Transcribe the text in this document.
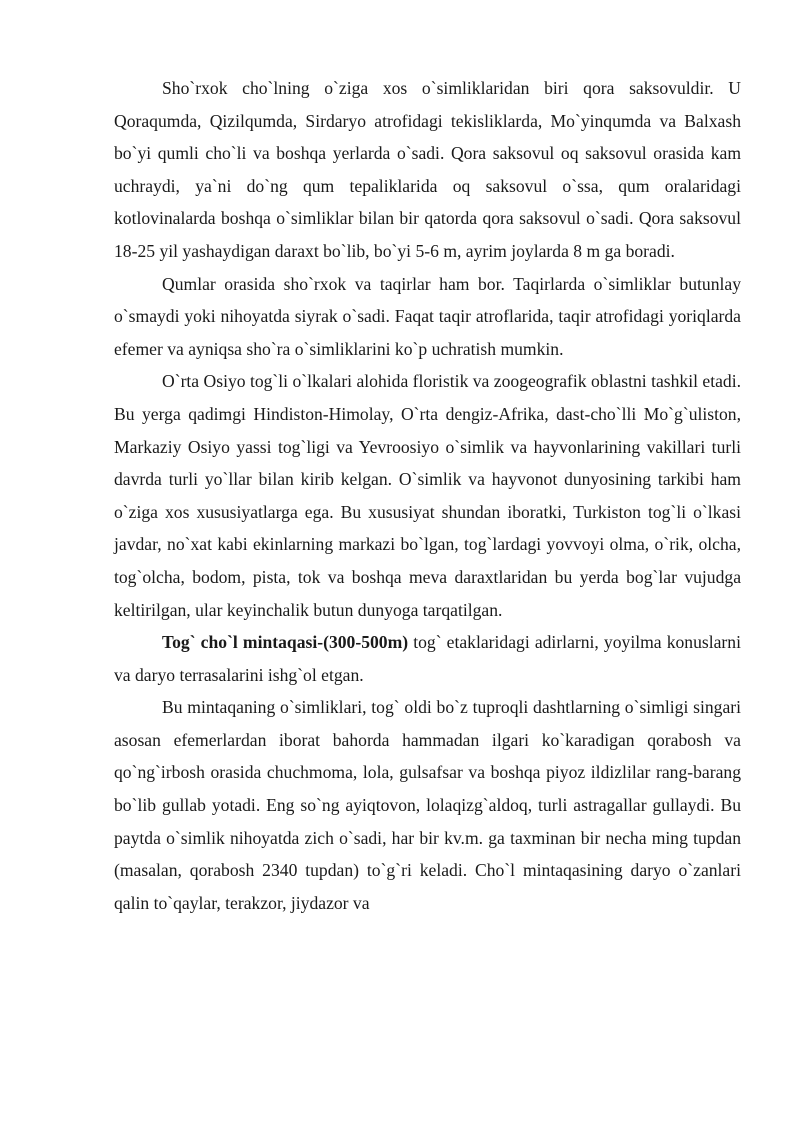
Sho`rxok cho`lning o`ziga xos o`simliklaridan biri qora saksovuldir. U Qoraqumda, Qizilqumda, Sirdaryo atrofidagi tekisliklarda, Mo`yinqumda va Balxash bo`yi qumli cho`li va boshqa yerlarda o`sadi. Qora saksovul oq saksovul orasida kam uchraydi, ya`ni do`ng qum tepaliklarida oq saksovul o`ssa, qum oralaridagi kotlovinalarda boshqa o`simliklar bilan bir qatorda qora saksovul o`sadi. Qora saksovul 18-25 yil yashaydigan daraxt bo`lib, bo`yi 5-6 m, ayrim joylarda 8 m ga boradi.

Qumlar orasida sho`rxok va taqirlar ham bor. Taqirlarda o`simliklar butunlay o`smaydi yoki nihoyatda siyrak o`sadi. Faqat taqir atroflarida, taqir atrofidagi yoriqlarda efemer va ayniqsa sho`ra o`simliklarini ko`p uchratish mumkin.

O`rta Osiyo tog`li o`lkalari alohida floristik va zoogeografik oblastni tashkil etadi. Bu yerga qadimgi Hindiston-Himolay, O`rta dengiz-Afrika, dast-cho`lli Mo`g`uliston, Markaziy Osiyo yassi tog`ligi va Yevroosiyo o`simlik va hayvonlarining vakillari turli davrda turli yo`llar bilan kirib kelgan. O`simlik va hayvonot dunyosining tarkibi ham o`ziga xos xususiyatlarga ega. Bu xususiyat shundan iboratki, Turkiston tog`li o`lkasi javdar, no`xat kabi ekinlarning markazi bo`lgan, tog`lardagi yovvoyi olma, o`rik, olcha, tog`olcha, bodom, pista, tok va boshqa meva daraxtlaridan bu yerda bog`lar vujudga keltirilgan, ular keyinchalik butun dunyoga tarqatilgan.

Tog` cho`l mintaqasi-(300-500m) tog` etaklaridagi adirlarni, yoyilma konuslarni va daryo terrasalarini ishg`ol etgan.

Bu mintaqaning o`simliklari, tog` oldi bo`z tuproqli dashtlarning o`simligi singari asosan efemerlardan iborat bahorda hammadan ilgari ko`karadigan qorabosh va qo`ng`irbosh orasida chuchmoma, lola, gulsafsar va boshqa piyoz ildizlilar rang-barang bo`lib gullab yotadi. Eng so`ng ayiqtovon, lolaqizg`aldoq, turli astragallar gullaydi. Bu paytda o`simlik nihoyatda zich o`sadi, har bir kv.m. ga taxminan bir necha ming tupdan (masalan, qorabosh 2340 tupdan) to`g`ri keladi. Cho`l mintaqasining daryo o`zanlari qalin to`qaylar, terakzor, jiydazor va
